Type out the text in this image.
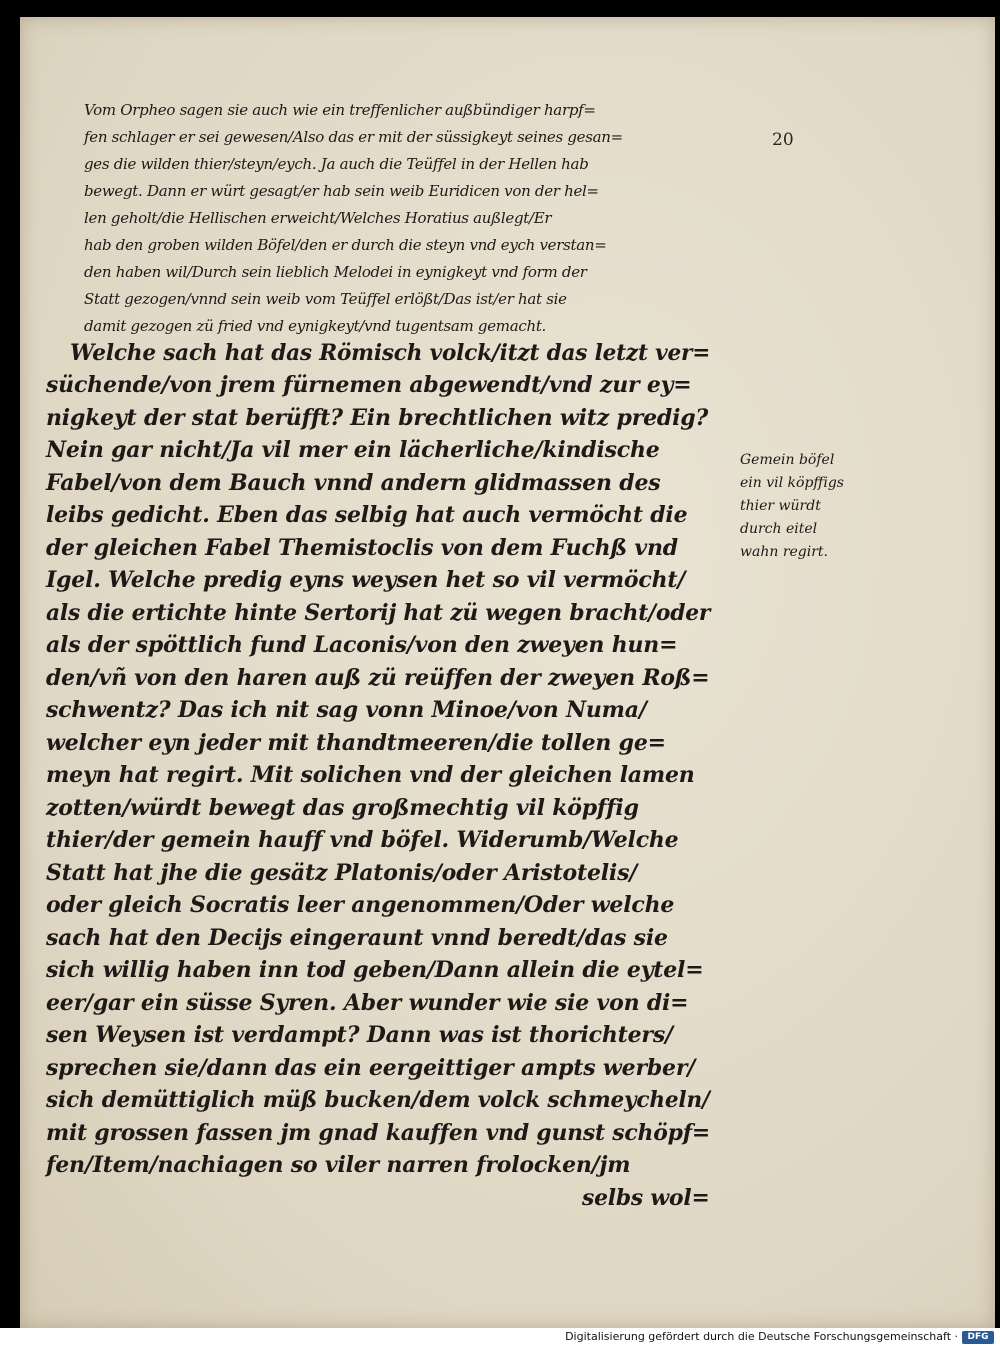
20
Vom Orpheo sagen sie auch wie ein treffenlicher außbündiger harpf=
fen schlager er sei gewesen/Also das er mit der süssigkeyt seines gesan=
ges die wilden thier/steyn/eych. Ja auch die Teüffel in der Hellen hab
bewegt. Dann er würt gesagt/er hab sein weib Euridicen von der hel=
len geholt/die Hellischen erweicht/Welches Horatius außlegt/Er
hab den groben wilden Böfel/den er durch die steyn vnd eych verstan=
den haben wil/Durch sein lieblich Melodei in eynigkeyt vnd form der
Statt gezogen/vnnd sein weib vom Teüffel erlößt/Das ist/er hat sie
damit gezogen zü fried vnd eynigkeyt/vnd tugentsam gemacht.
Welche sach hat das Römisch volck/itzt das letzt ver=
süchende/von jrem fürnemen abgewendt/vnd zur ey=
nigkeyt der stat berüfft? Ein brechtlichen witz predig?
Nein gar nicht/Ja vil mer ein lächerliche/kindische
Fabel/von dem Bauch vnnd andern glidmassen des
leibs gedicht. Eben das selbig hat auch vermöcht die
der gleichen Fabel Themistoclis von dem Fuchß vnd
Igel. Welche predig eyns weysen het so vil vermöcht/
als die ertichte hinte Sertorij hat zü wegen bracht/oder
als der spöttlich fund Laconis/von den zweyen hun=
den/vñ von den haren auß zü reüffen der zweyen Roß=
schwentz? Das ich nit sag vonn Minoe/von Numa/
welcher eyn jeder mit thandtmeeren/die tollen ge=
meyn hat regirt. Mit solichen vnd der gleichen lamen
zotten/würdt bewegt das großmechtig vil köpffig
thier/der gemein hauff vnd böfel. Widerumb/Welche
Statt hat jhe die gesätz Platonis/oder Aristotelis/
oder gleich Socratis leer angenommen/Oder welche
sach hat den Decijs eingeraunt vnnd beredt/das sie
sich willig haben inn tod geben/Dann allein die eytel=
eer/gar ein süsse Syren. Aber wunder wie sie von di=
sen Weysen ist verdampt? Dann was ist thorichters/
sprechen sie/dann das ein eergeittiger ampts werber/
sich demüttiglich müß bucken/dem volck schmeycheln/
mit grossen fassen jm gnad kauffen vnd gunst schöpf=
fen/Item/nachiagen so viler narren frolocken/jm
selbs wol=
Gemein böfel
ein vil köpffigs
thier würdt
durch eitel
wahn regirt.
Digitalisierung gefördert durch die Deutsche Forschungsgemeinschaft ·	DFG
